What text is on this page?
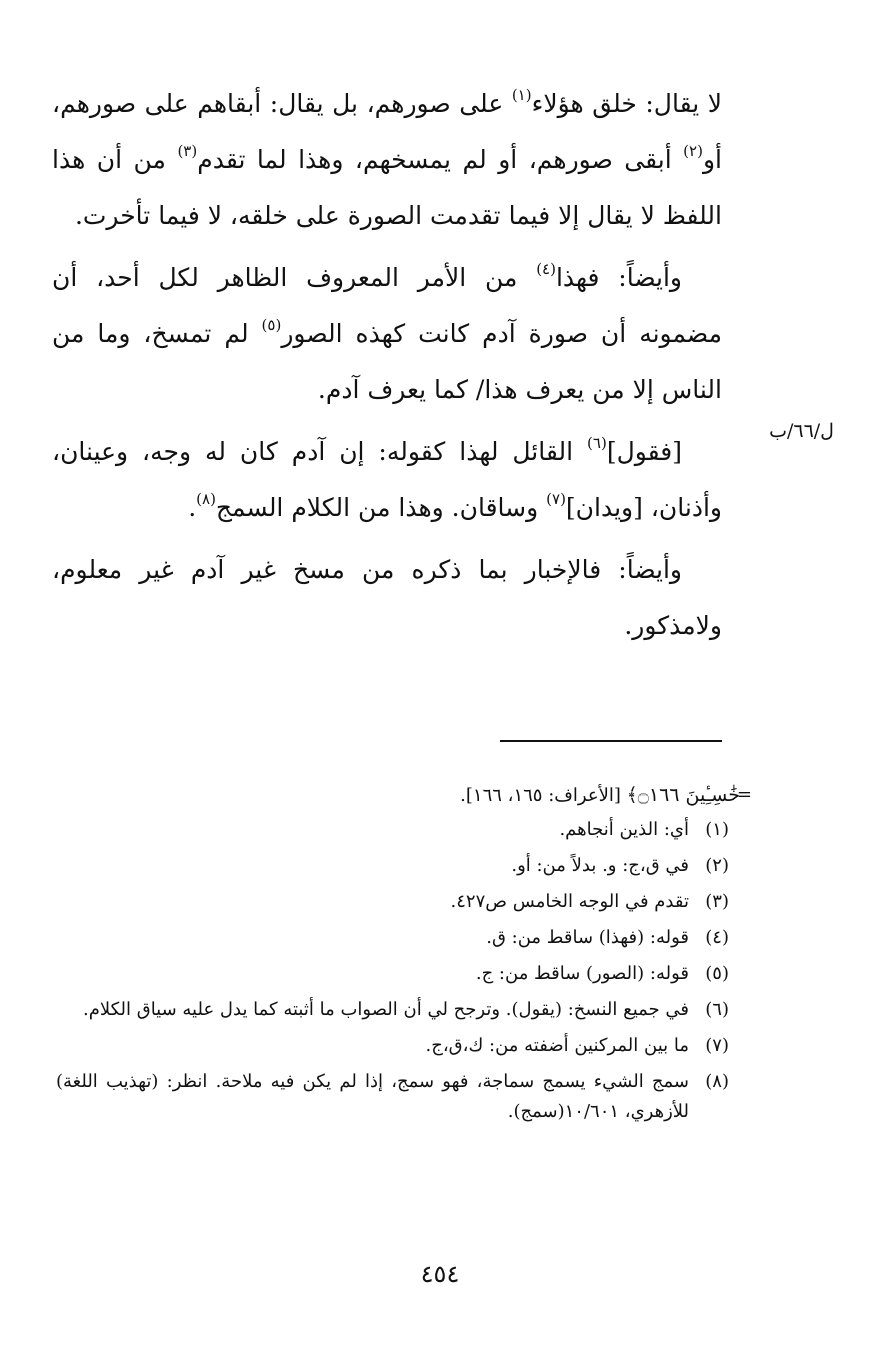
لا يقال: خلق هؤلاء$^{(١)}$ على صورهم، بل يقال: أبقاهم على صورهم، أو$^{(٢)}$ أبقى صورهم، أو لم يمسخهم، وهذا لما تقدم$^{(٣)}$ من أن هذا اللفظ لا يقال إلا فيما تقدمت الصورة على خلقه، لا فيما تأخرت.

وأيضاً: فهذا$^{(٤)}$ من الأمر المعروف الظاهر لكل أحد، أن مضمونه أن صورة آدم كانت كهذه الصور$^{(٥)}$ لم تمسخ، وما من الناس إلا من يعرف هذا/ كما يعرف آدم.

[فقول]$^{(٦)}$ القائل لهذا كقوله: إن آدم كان له وجه، وعينان، وأذنان، [ويدان]$^{(٧)}$ وساقان. وهذا من الكلام السمج$^{(٨)}$.

وأيضاً: فالإخبار بما ذكره من مسخ غير آدم غير معلوم، ولامذكور.

ل/٦٦/ب
=
خَٰسِـِٔينَ ۝١٦٦﴾ [الأعراف: ١٦٥، ١٦٦].
(١)
أي: الذين أنجاهم.
(٢)
في ق،ج: و. بدلاً من: أو.
(٣)
تقدم في الوجه الخامس ص٤٢٧.
(٤)
قوله: (فهذا) ساقط من: ق.
(٥)
قوله: (الصور) ساقط من: ج.
(٦)
في جميع النسخ: (يقول). وترجح لي أن الصواب ما أثبته كما يدل عليه سياق الكلام.
(٧)
ما بين المركنين أضفته من: ك،ق،ج.
(٨)
سمج الشيء يسمج سماجة، فهو سمج، إذا لم يكن فيه ملاحة. انظر: (تهذيب اللغة) للأزهري، ١٠/٦٠١(سمج).
٤٥٤
